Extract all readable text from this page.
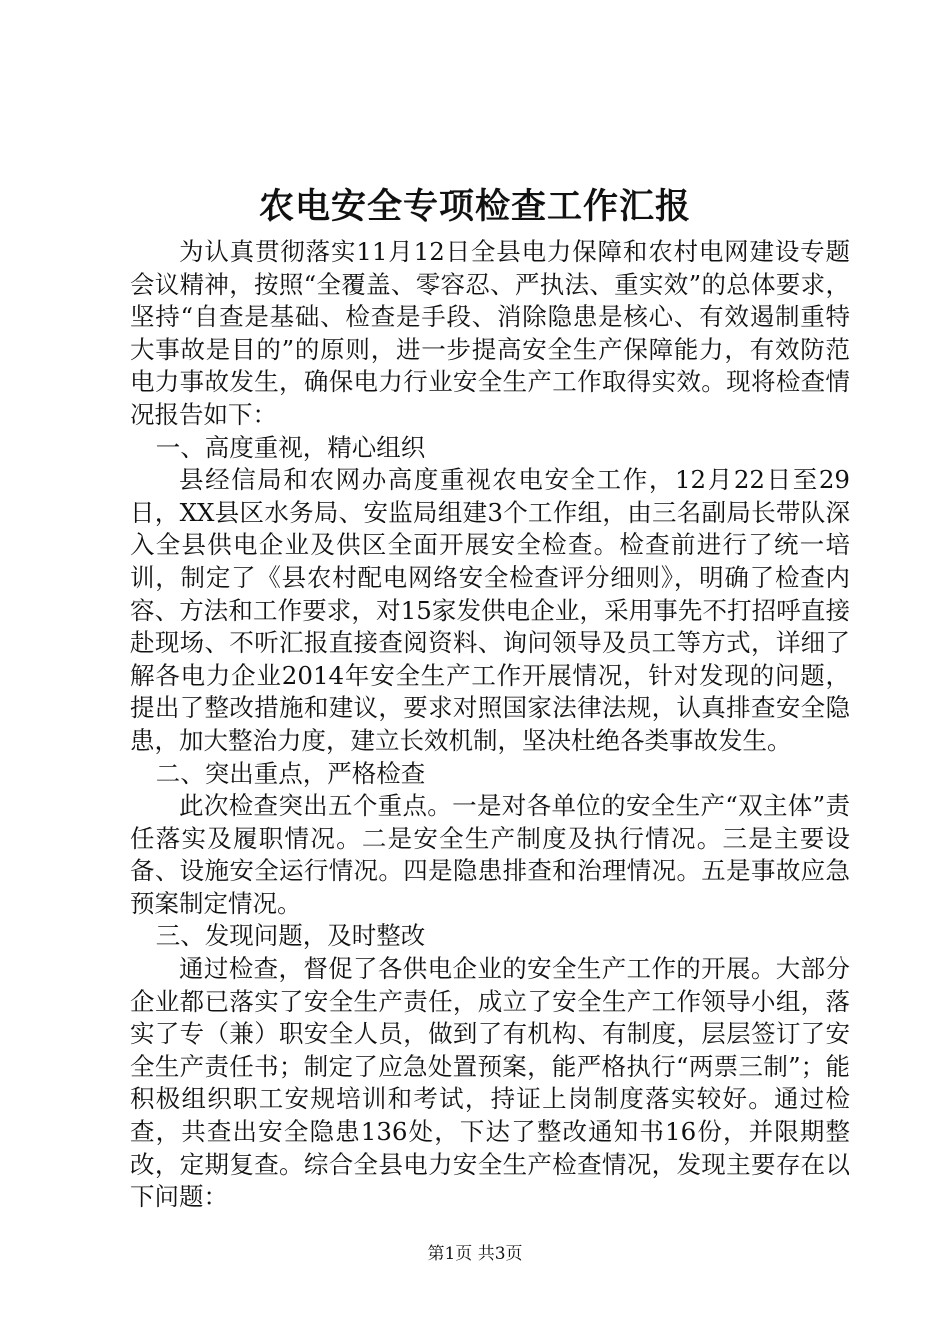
农电安全专项检查工作汇报

为认真贯彻落实11月12日全县电力保障和农村电网建设专题会议精神，按照“全覆盖、零容忍、严执法、重实效”的总体要求，坚持“自查是基础、检查是手段、消除隐患是核心、有效遏制重特大事故是目的”的原则，进一步提高安全生产保障能力，有效防范电力事故发生，确保电力行业安全生产工作取得实效。现将检查情况报告如下：

一、高度重视，精心组织

县经信局和农网办高度重视农电安全工作，12月22日至29日，XX县区水务局、安监局组建3个工作组，由三名副局长带队深入全县供电企业及供区全面开展安全检查。检查前进行了统一培训，制定了《县农村配电网络安全检查评分细则》，明确了检查内容、方法和工作要求，对15家发供电企业，采用事先不打招呼直接赴现场、不听汇报直接查阅资料、询问领导及员工等方式，详细了解各电力企业2014年安全生产工作开展情况，针对发现的问题，提出了整改措施和建议，要求对照国家法律法规，认真排查安全隐患，加大整治力度，建立长效机制，坚决杜绝各类事故发生。

二、突出重点，严格检查

此次检查突出五个重点。一是对各单位的安全生产“双主体”责任落实及履职情况。二是安全生产制度及执行情况。三是主要设备、设施安全运行情况。四是隐患排查和治理情况。五是事故应急预案制定情况。

三、发现问题，及时整改

通过检查，督促了各供电企业的安全生产工作的开展。大部分企业都已落实了安全生产责任，成立了安全生产工作领导小组，落实了专（兼）职安全人员，做到了有机构、有制度，层层签订了安全生产责任书；制定了应急处置预案，能严格执行“两票三制”；能积极组织职工安规培训和考试，持证上岗制度落实较好。通过检查，共查出安全隐患136处，下达了整改通知书16份，并限期整改，定期复查。综合全县电力安全生产检查情况，发现主要存在以下问题：

第1页 共3页
